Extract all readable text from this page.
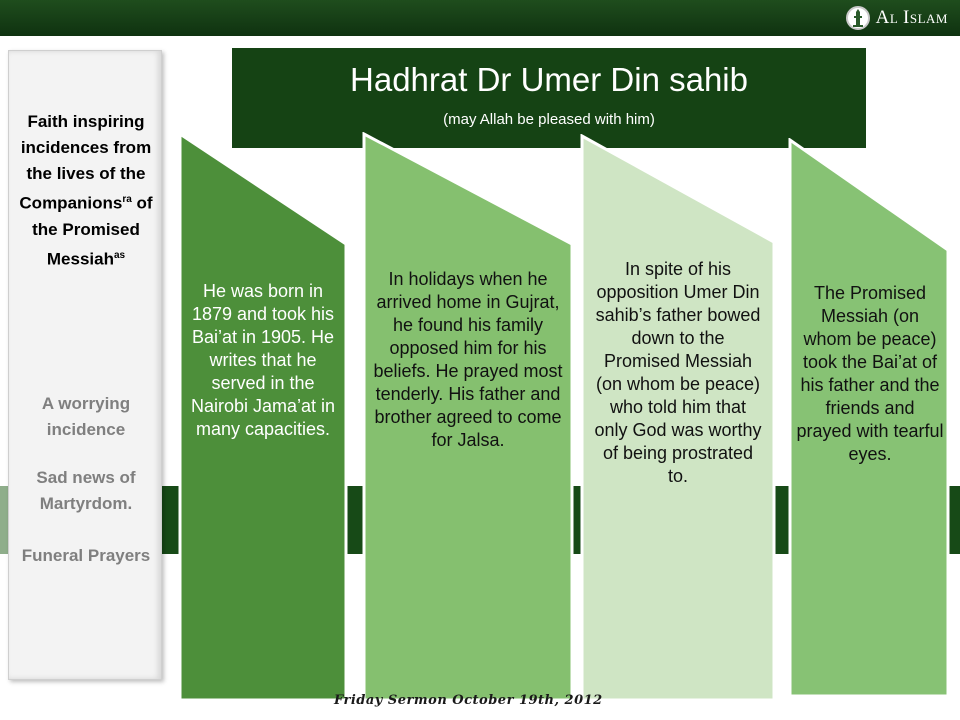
AL ISLAM
Faith inspiring incidences from the lives of the Companions$^{ra}$ of the Promised Messiah$^{as}$
A worrying incidence
Sad news of Martyrdom.
Funeral Prayers
Hadhrat Dr Umer Din sahib
(may Allah be pleased with him)
He was born in 1879 and took his Bai’at in 1905. He writes that he served in the Nairobi Jama’at in many capacities.
In holidays when he arrived home in Gujrat, he found his family opposed him for his beliefs. He prayed most tenderly. His father and brother agreed to come for Jalsa.
In spite of his opposition Umer Din sahib’s father bowed down to the Promised Messiah (on whom be peace) who told him that only God was worthy of being prostrated to.
The Promised Messiah (on whom be peace) took the Bai’at of his father and the friends and prayed with tearful eyes.
Friday Sermon October 19th, 2012
